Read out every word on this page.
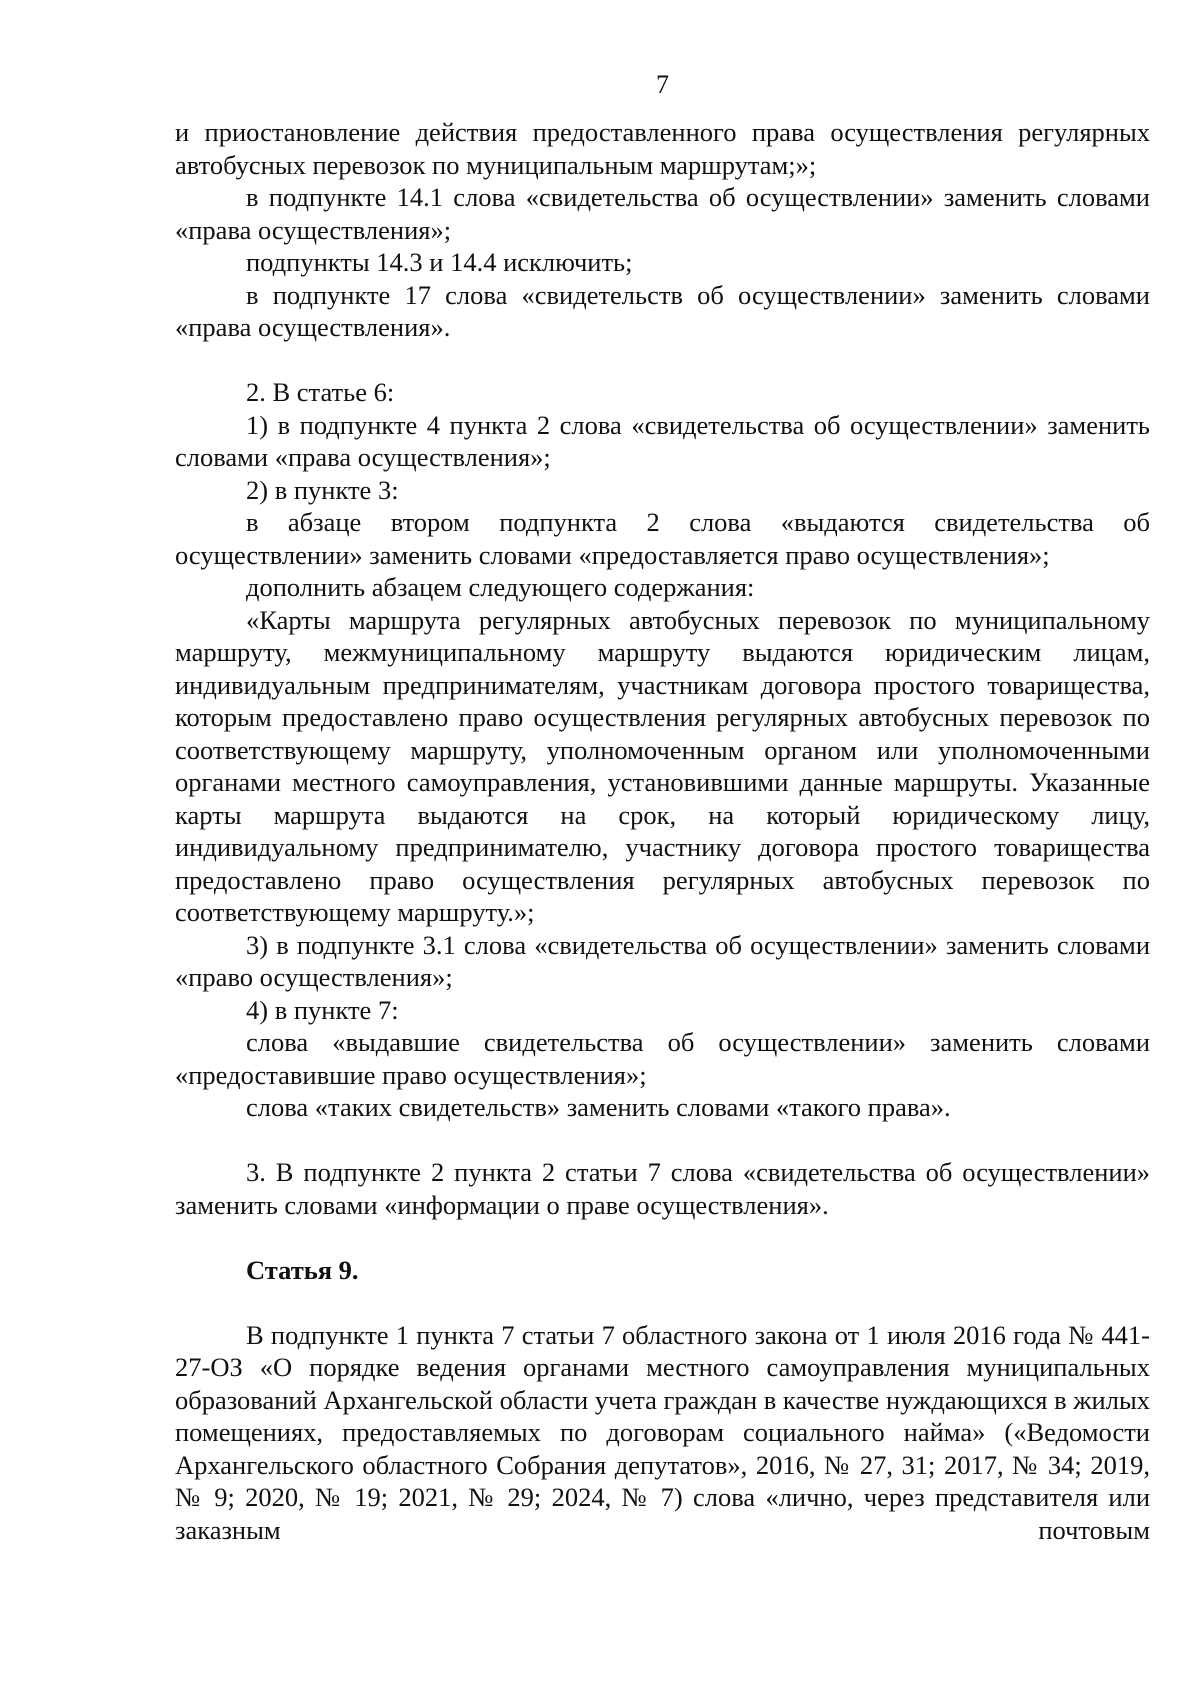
7

и приостановление действия предоставленного права осуществления регулярных автобусных перевозок по муниципальным маршрутам;»;

в подпункте 14.1 слова «свидетельства об осуществлении» заменить словами «права осуществления»;

подпункты 14.3 и 14.4 исключить;

в подпункте 17 слова «свидетельств об осуществлении» заменить словами «права осуществления».

2. В статье 6:

1) в подпункте 4 пункта 2 слова «свидетельства об осуществлении» заменить словами «права осуществления»;

2) в пункте 3:

в абзаце втором подпункта 2 слова «выдаются свидетельства об осуществлении» заменить словами «предоставляется право осуществления»;

дополнить абзацем следующего содержания:

«Карты маршрута регулярных автобусных перевозок по муниципальному маршруту, межмуниципальному маршруту выдаются юридическим лицам, индивидуальным предпринимателям, участникам договора простого товарищества, которым предоставлено право осуществления регулярных автобусных перевозок по соответствующему маршруту, уполномоченным органом или уполномоченными органами местного самоуправления, установившими данные маршруты. Указанные карты маршрута выдаются на срок, на который юридическому лицу, индивидуальному предпринимателю, участнику договора простого товарищества предоставлено право осуществления регулярных автобусных перевозок по соответствующему маршруту.»;

3) в подпункте 3.1 слова «свидетельства об осуществлении» заменить словами «право осуществления»;

4) в пункте 7:

слова «выдавшие свидетельства об осуществлении» заменить словами «предоставившие право осуществления»;

слова «таких свидетельств» заменить словами «такого права».

3. В подпункте 2 пункта 2 статьи 7 слова «свидетельства об осуществлении» заменить словами «информации о праве осуществления».

Статья 9.

В подпункте 1 пункта 7 статьи 7 областного закона от 1 июля 2016 года № 441-27-ОЗ «О порядке ведения органами местного самоуправления муниципальных образований Архангельской области учета граждан в качестве нуждающихся в жилых помещениях, предоставляемых по договорам социального найма» («Ведомости Архангельского областного Собрания депутатов», 2016, № 27, 31; 2017, № 34; 2019, № 9; 2020, № 19; 2021, № 29; 2024, № 7) слова «лично, через представителя или заказным почтовым
